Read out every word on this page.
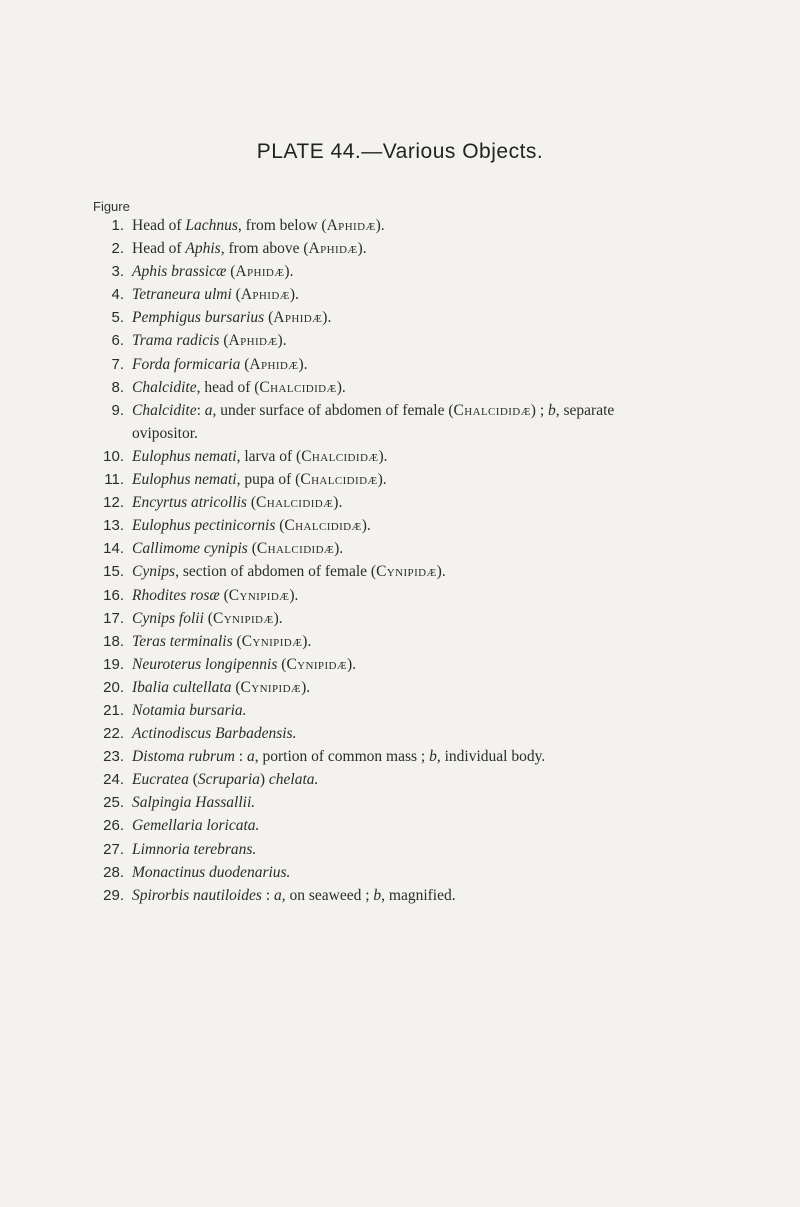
PLATE 44.—Various Objects.
Figure
1. Head of Lachnus, from below (Aphidæ).
2. Head of Aphis, from above (Aphidæ).
3. Aphis brassicæ (Aphidæ).
4. Tetraneura ulmi (Aphidæ).
5. Pemphigus bursarius (Aphidæ).
6. Trama radicis (Aphidæ).
7. Forda formicaria (Aphidæ).
8. Chalcidite, head of (Chalcididæ).
9. Chalcidite: a, under surface of abdomen of female (Chalcididæ) ; b, separate
ovipositor.
10. Eulophus nemati, larva of (Chalcididæ).
11. Eulophus nemati, pupa of (Chalcididæ).
12. Encyrtus atricollis (Chalcididæ).
13. Eulophus pectinicornis (Chalcididæ).
14. Callimome cynipis (Chalcididæ).
15. Cynips, section of abdomen of female (Cynipidæ).
16. Rhodites rosæ (Cynipidæ).
17. Cynips folii (Cynipidæ).
18. Teras terminalis (Cynipidæ).
19. Neuroterus longipennis (Cynipidæ).
20. Ibalia cultellata (Cynipidæ).
21. Notamia bursaria.
22. Actinodiscus Barbadensis.
23. Distoma rubrum : a, portion of common mass ; b, individual body.
24. Eucratea (Scruparia) chelata.
25. Salpingia Hassallii.
26. Gemellaria loricata.
27. Limnoria terebrans.
28. Monactinus duodenarius.
29. Spirorbis nautiloides : a, on seaweed ; b, magnified.
